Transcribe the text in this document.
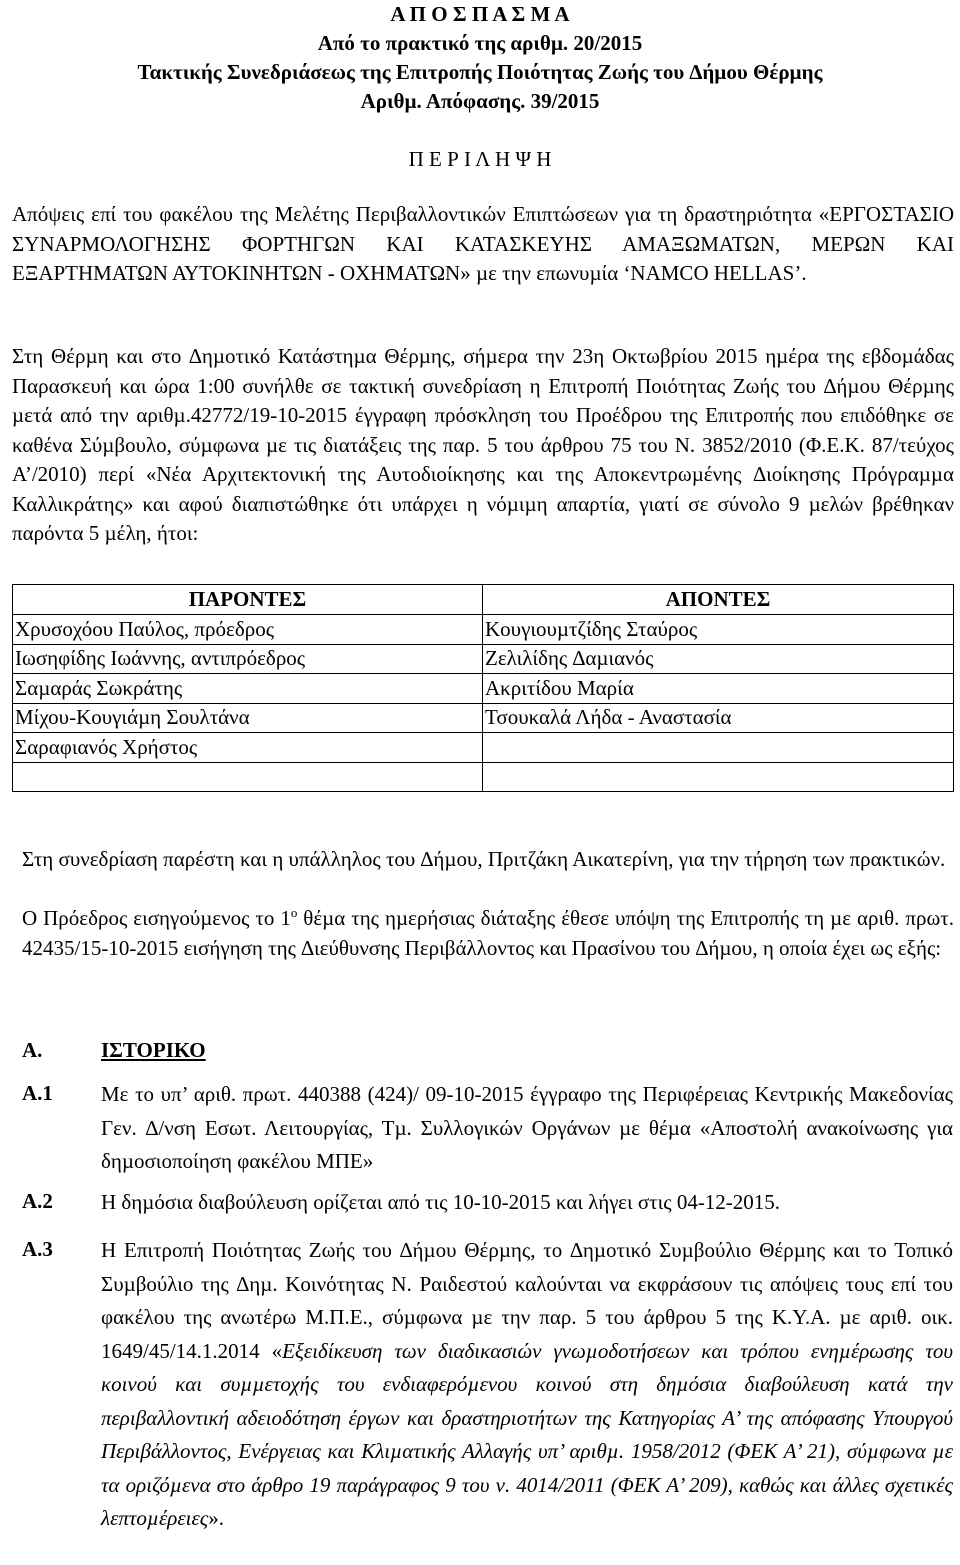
Α Π Ο Σ Π Α Σ Μ Α
Από το πρακτικό της αριθµ. 20/2015
Τακτικής Συνεδριάσεως της Επιτροπής Ποιότητας Ζωής του ∆ήµου Θέρµης
Αριθµ. Απόφασης. 39/2015
Π Ε Ρ Ι Λ Η Ψ Η
Απόψεις επί του φακέλου της Μελέτης Περιβαλλοντικών Επιπτώσεων για τη δραστηριότητα «ΕΡΓΟΣΤΑΣΙΟ ΣΥΝΑΡΜΟΛΟΓΗΣΗΣ ΦΟΡΤΗΓΩΝ ΚΑΙ ΚΑΤΑΣΚΕΥΗΣ ΑΜΑΞΩΜΑΤΩΝ, ΜΕΡΩΝ ΚΑΙ ΕΞΑΡΤΗΜΑΤΩΝ ΑΥΤΟΚΙΝΗΤΩΝ - ΟΧΗΜΑΤΩΝ» µε την επωνυµία ‘NAMCO HELLAS’.
Στη Θέρµη και στο ∆ηµοτικό Κατάστηµα Θέρµης, σήµερα την 23η Οκτωβρίου 2015 ηµέρα της εβδοµάδας Παρασκευή και ώρα 1:00 συνήλθε σε τακτική συνεδρίαση η Επιτροπή Ποιότητας Ζωής του ∆ήµου Θέρµης µετά από την αριθµ.42772/19-10-2015 έγγραφη πρόσκληση του Προέδρου της Επιτροπής που επιδόθηκε σε καθένα Σύµβουλο, σύµφωνα µε τις διατάξεις της παρ. 5 του άρθρου 75 του Ν. 3852/2010 (Φ.Ε.Κ. 87/τεύχος Α’/2010) περί «Νέα Αρχιτεκτονική της Αυτοδιοίκησης και της Αποκεντρωµένης ∆ιοίκησης Πρόγραµµα Καλλικράτης» και αφού διαπιστώθηκε ότι υπάρχει η νόµιµη απαρτία, γιατί σε σύνολο 9 µελών βρέθηκαν παρόντα 5 µέλη, ήτοι:
ΠΑΡΟΝΤΕΣ	ΑΠΟΝΤΕΣ
Χρυσοχόου Παύλος, πρόεδρος	Κουγιουµτζίδης Σταύρος
Ιωσηφίδης Ιωάννης, αντιπρόεδρος	Ζελιλίδης ∆αµιανός
Σαµαράς Σωκράτης	Ακριτίδου Μαρία
Μίχου-Κουγιάµη Σουλτάνα	Τσουκαλά Λήδα - Αναστασία
Σαραφιανός Χρήστος	

Στη συνεδρίαση παρέστη και η υπάλληλος του ∆ήµου, Πριτζάκη Αικατερίνη, για την τήρηση των πρακτικών.
Ο Πρόεδρος εισηγούµενος το $1^o$ θέµα της ηµερήσιας διάταξης έθεσε υπόψη της Επιτροπής τη µε αριθ. πρωτ. 42435/15-10-2015 εισήγηση της ∆ιεύθυνσης Περιβάλλοντος και Πρασίνου του ∆ήµου, η οποία έχει ως εξής:
Α.	ΙΣΤΟΡΙΚΟ
Α.1 Με το υπ’ αριθ. πρωτ. 440388 (424)/ 09-10-2015 έγγραφο της Περιφέρειας Κεντρικής Μακεδονίας Γεν. ∆/νση Εσωτ. Λειτουργίας, Τµ. Συλλογικών Οργάνων µε θέµα «Αποστολή ανακοίνωσης για δηµοσιοποίηση φακέλου ΜΠΕ»
Α.2 Η δηµόσια διαβούλευση ορίζεται από τις 10-10-2015 και λήγει στις 04-12-2015.
Α.3 Η Επιτροπή Ποιότητας Ζωής του ∆ήµου Θέρµης, το ∆ηµοτικό Συµβούλιο Θέρµης και το Τοπικό Συµβούλιο της ∆ηµ. Κοινότητας Ν. Ραιδεστού καλούνται να εκφράσουν τις απόψεις τους επί του φακέλου της ανωτέρω Μ.Π.Ε., σύµφωνα µε την παρ. 5 του άρθρου 5 της Κ.Υ.Α. µε αριθ. οικ. 1649/45/14.1.2014 «Εξειδίκευση των διαδικασιών γνωµοδοτήσεων και τρόπου ενηµέρωσης του κοινού και συµµετοχής του ενδιαφερόµενου κοινού στη δηµόσια διαβούλευση κατά την περιβαλλοντική αδειοδότηση έργων και δραστηριοτήτων της Κατηγορίας Α’ της απόφασης Υπουργού Περιβάλλοντος, Ενέργειας και Κλιµατικής Αλλαγής υπ’ αριθµ. 1958/2012 (ΦΕΚ Α’ 21), σύµφωνα µε τα οριζόµενα στο άρθρο 19 παράγραφος 9 του ν. 4014/2011 (ΦΕΚ Α’ 209), καθώς και άλλες σχετικές λεπτοµέρειες».
